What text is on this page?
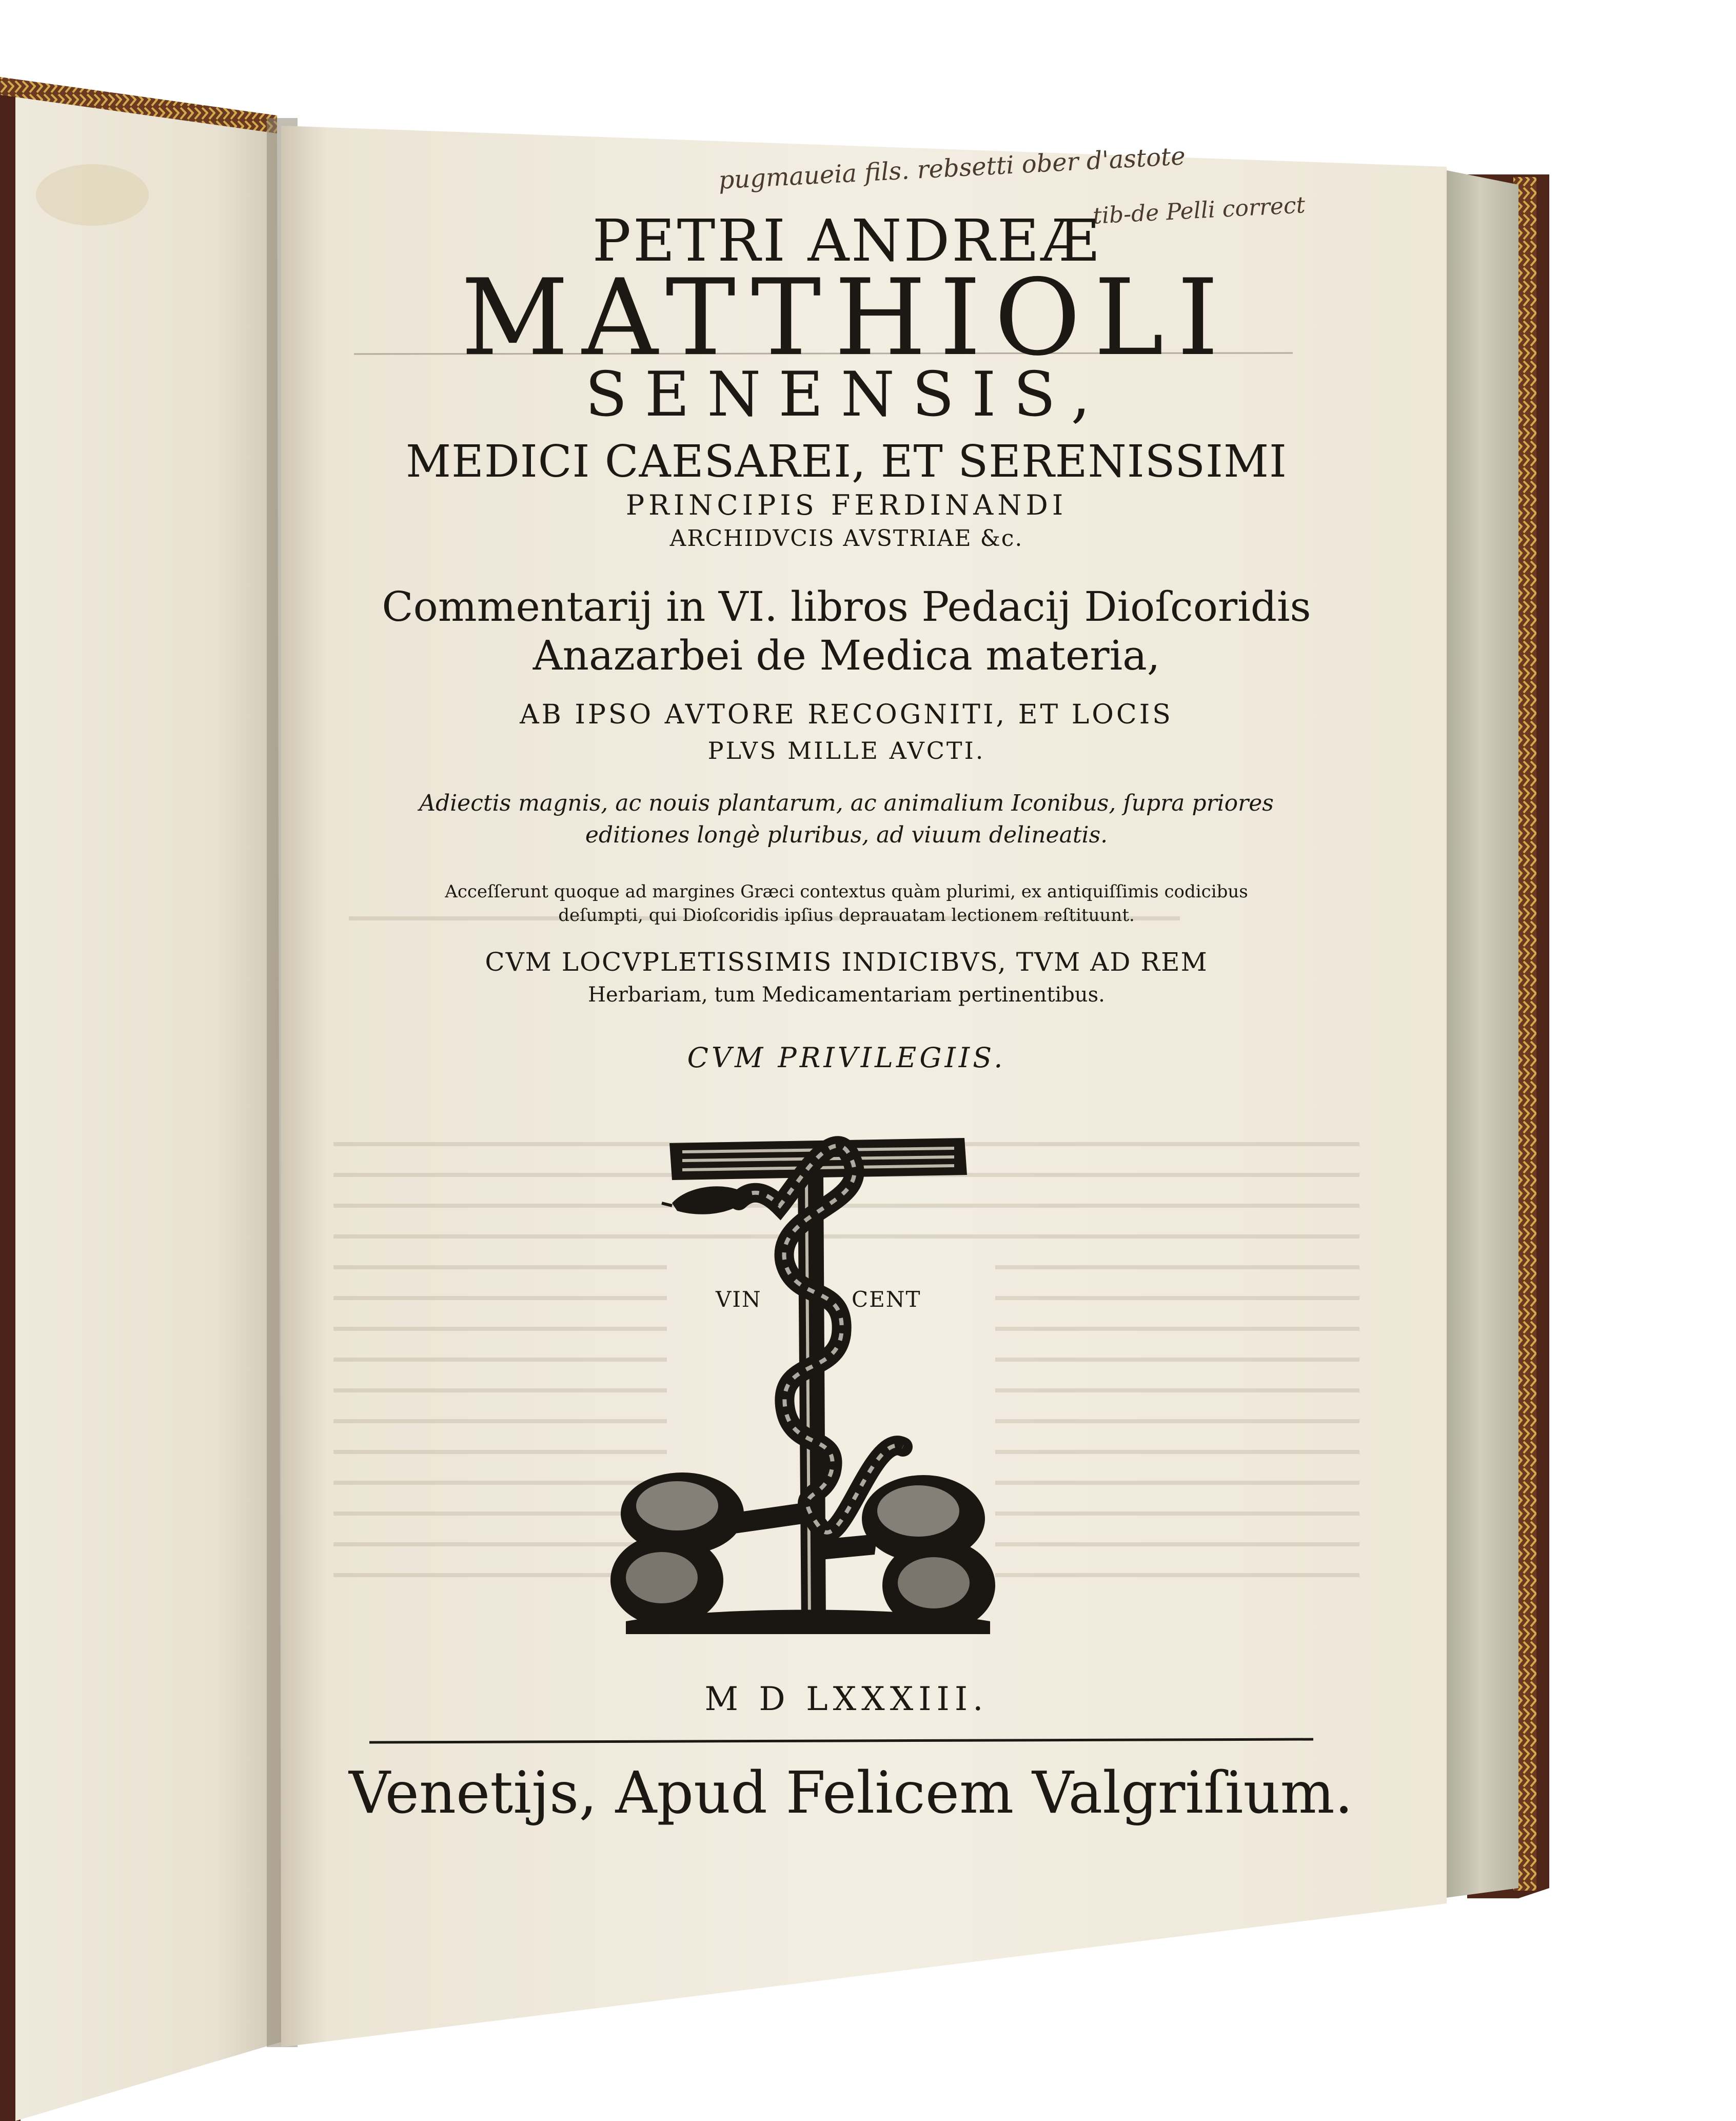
pugmaueia fils. rebsetti ober d'astote
tib-de Pelli correct
PETRI ANDREÆ
MATTHIOLI
SENENSIS,
MEDICI CAESAREI, ET SERENISSIMI
PRINCIPIS FERDINANDI
ARCHIDVCIS AVSTRIAE &c.
Commentarij in VI. libros Pedacij Dioſcoridis
Anazarbei de Medica materia,
AB IPSO AVTORE RECOGNITI, ET LOCIS
PLVS MILLE AVCTI.
Adiectis magnis, ac nouis plantarum, ac animalium Iconibus, ſupra priores
editiones longè pluribus, ad viuum delineatis.
Acceſſerunt quoque ad margines Græci contextus quàm plurimi, ex antiquiſſimis codicibus
deſumpti, qui Dioſcoridis ipſius deprauatam lectionem reſtituunt.
CVM LOCVPLETISSIMIS INDICIBVS, TVM AD REM
Herbariam, tum Medicamentariam pertinentibus.
CVM PRIVILEGIIS.
VIN	CENT
M D LXXXIII.
Venetijs, Apud Felicem Valgriſium.
